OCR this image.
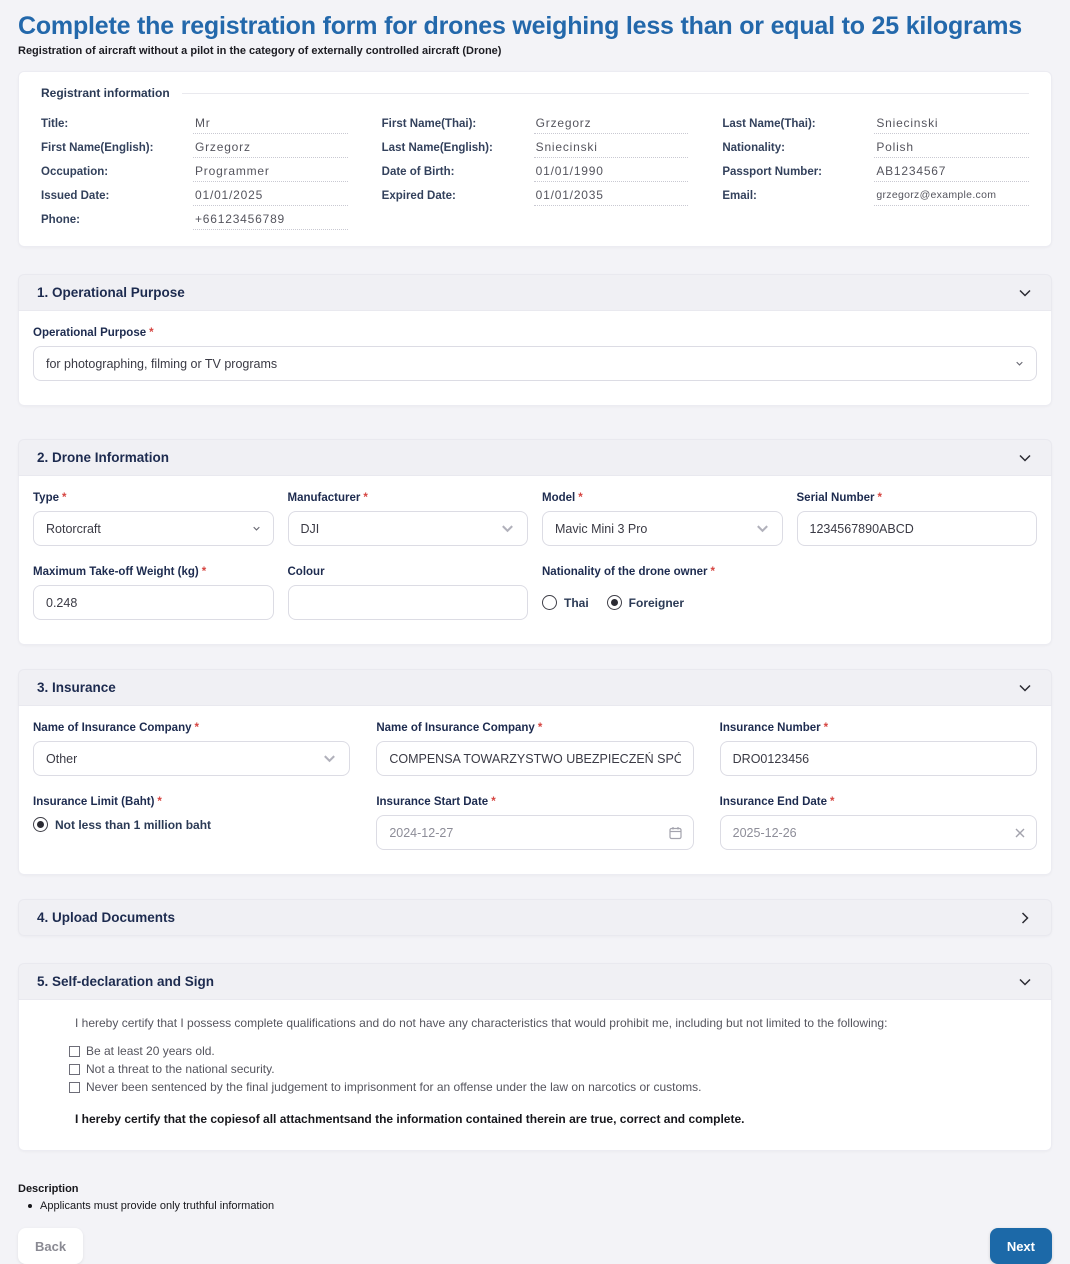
Complete the registration form for drones weighing less than or equal to 25 kilograms
Registration of aircraft without a pilot in the category of externally controlled aircraft (Drone)
Registrant information
Title:	Mr	First Name(Thai):	Grzegorz	Last Name(Thai):	Sniecinski
First Name(English):	Grzegorz	Last Name(English):	Sniecinski	Nationality:	Polish
Occupation:	Programmer	Date of Birth:	01/01/1990	Passport Number:	AB1234567
Issued Date:	01/01/2025	Expired Date:	01/01/2035	Email:	grzegorz@example.com
Phone:	+66123456789
1. Operational Purpose
Operational Purpose *
for photographing, filming or TV programs
2. Drone Information
Type *
Rotorcraft
Manufacturer *
DJI
Model *
Mavic Mini 3 Pro
Serial Number *
1234567890ABCD
Maximum Take-off Weight (kg) *
0.248	Colour	Nationality of the drone owner *
Thai	Foreigner
3. Insurance
Name of Insurance Company *
Other
Name of Insurance Company *
COMPENSA TOWARZYSTWO UBEZPIECZEŃ SPÓŁKA A	Insurance Number *
DRO0123456
Insurance Limit (Baht) *
Not less than 1 million baht
Insurance Start Date *
2024-12-27	Insurance End Date *
2025-12-26
4. Upload Documents
5. Self-declaration and Sign
I hereby certify that I possess complete qualifications and do not have any characteristics that would prohibit me, including but not limited to the following:
Be at least 20 years old.
Not a threat to the national security.
Never been sentenced by the final judgement to imprisonment for an offense under the law on narcotics or customs.
I hereby certify that the copiesof all attachmentsand the information contained therein are true, correct and complete.
Description
Applicants must provide only truthful information
Back	Next
